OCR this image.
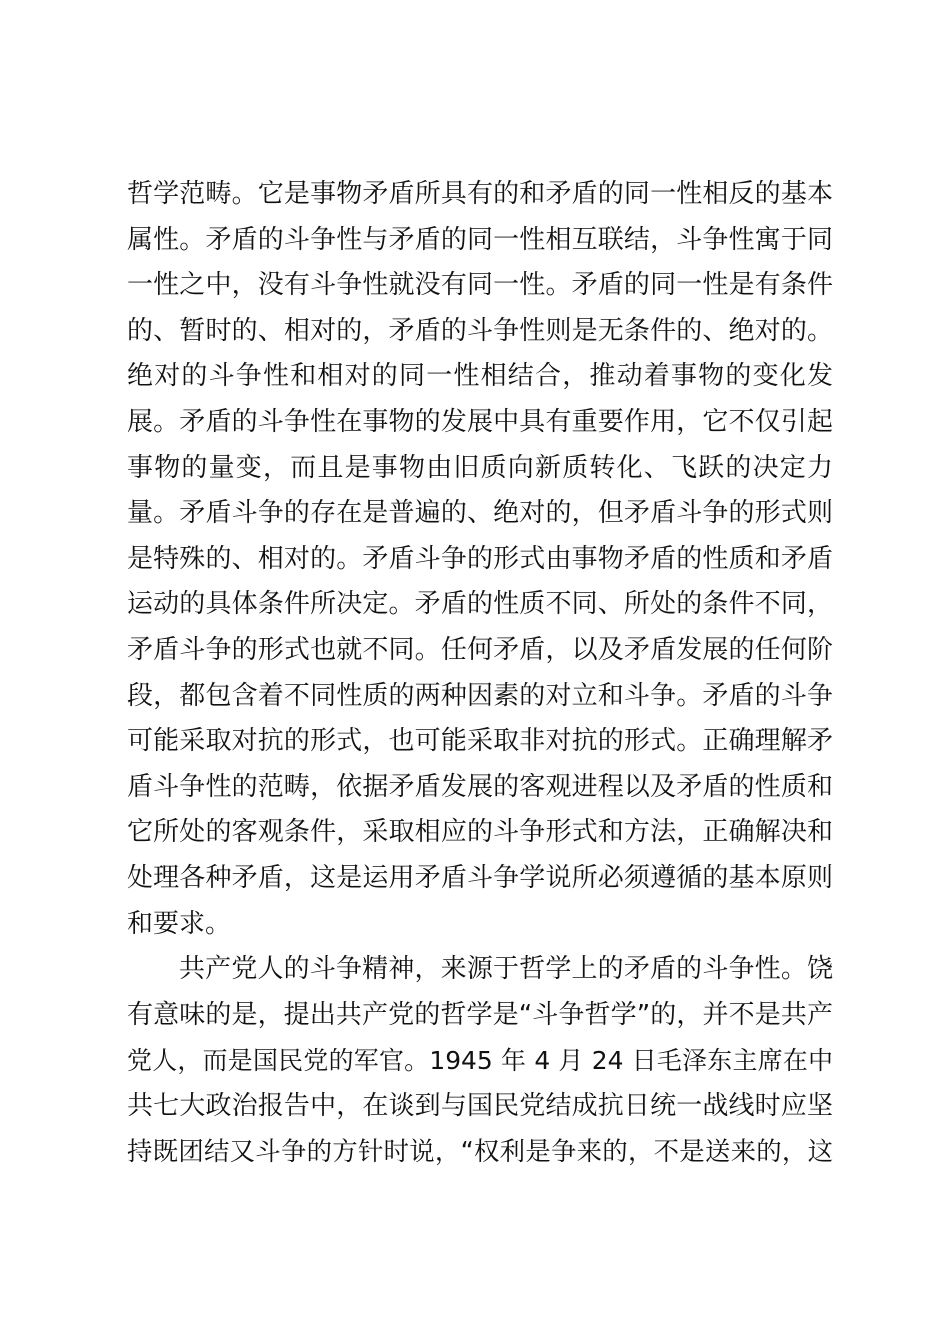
哲学范畴。它是事物矛盾所具有的和矛盾的同一性相反的基本
属性。矛盾的斗争性与矛盾的同一性相互联结，斗争性寓于同
一性之中，没有斗争性就没有同一性。矛盾的同一性是有条件
的、暂时的、相对的，矛盾的斗争性则是无条件的、绝对的。
绝对的斗争性和相对的同一性相结合，推动着事物的变化发
展。矛盾的斗争性在事物的发展中具有重要作用，它不仅引起
事物的量变，而且是事物由旧质向新质转化、飞跃的决定力
量。矛盾斗争的存在是普遍的、绝对的，但矛盾斗争的形式则
是特殊的、相对的。矛盾斗争的形式由事物矛盾的性质和矛盾
运动的具体条件所决定。矛盾的性质不同、所处的条件不同，
矛盾斗争的形式也就不同。任何矛盾，以及矛盾发展的任何阶
段，都包含着不同性质的两种因素的对立和斗争。矛盾的斗争
可能采取对抗的形式，也可能采取非对抗的形式。正确理解矛
盾斗争性的范畴，依据矛盾发展的客观进程以及矛盾的性质和
它所处的客观条件，采取相应的斗争形式和方法，正确解决和
处理各种矛盾，这是运用矛盾斗争学说所必须遵循的基本原则
和要求。
共产党人的斗争精神，来源于哲学上的矛盾的斗争性。饶
有意味的是，提出共产党的哲学是“斗争哲学”的，并不是共产
党人，而是国民党的军官。1945 年 4 月 24 日毛泽东主席在中
共七大政治报告中，在谈到与国民党结成抗日统一战线时应坚
持既团结又斗争的方针时说，“权利是争来的，不是送来的，这
